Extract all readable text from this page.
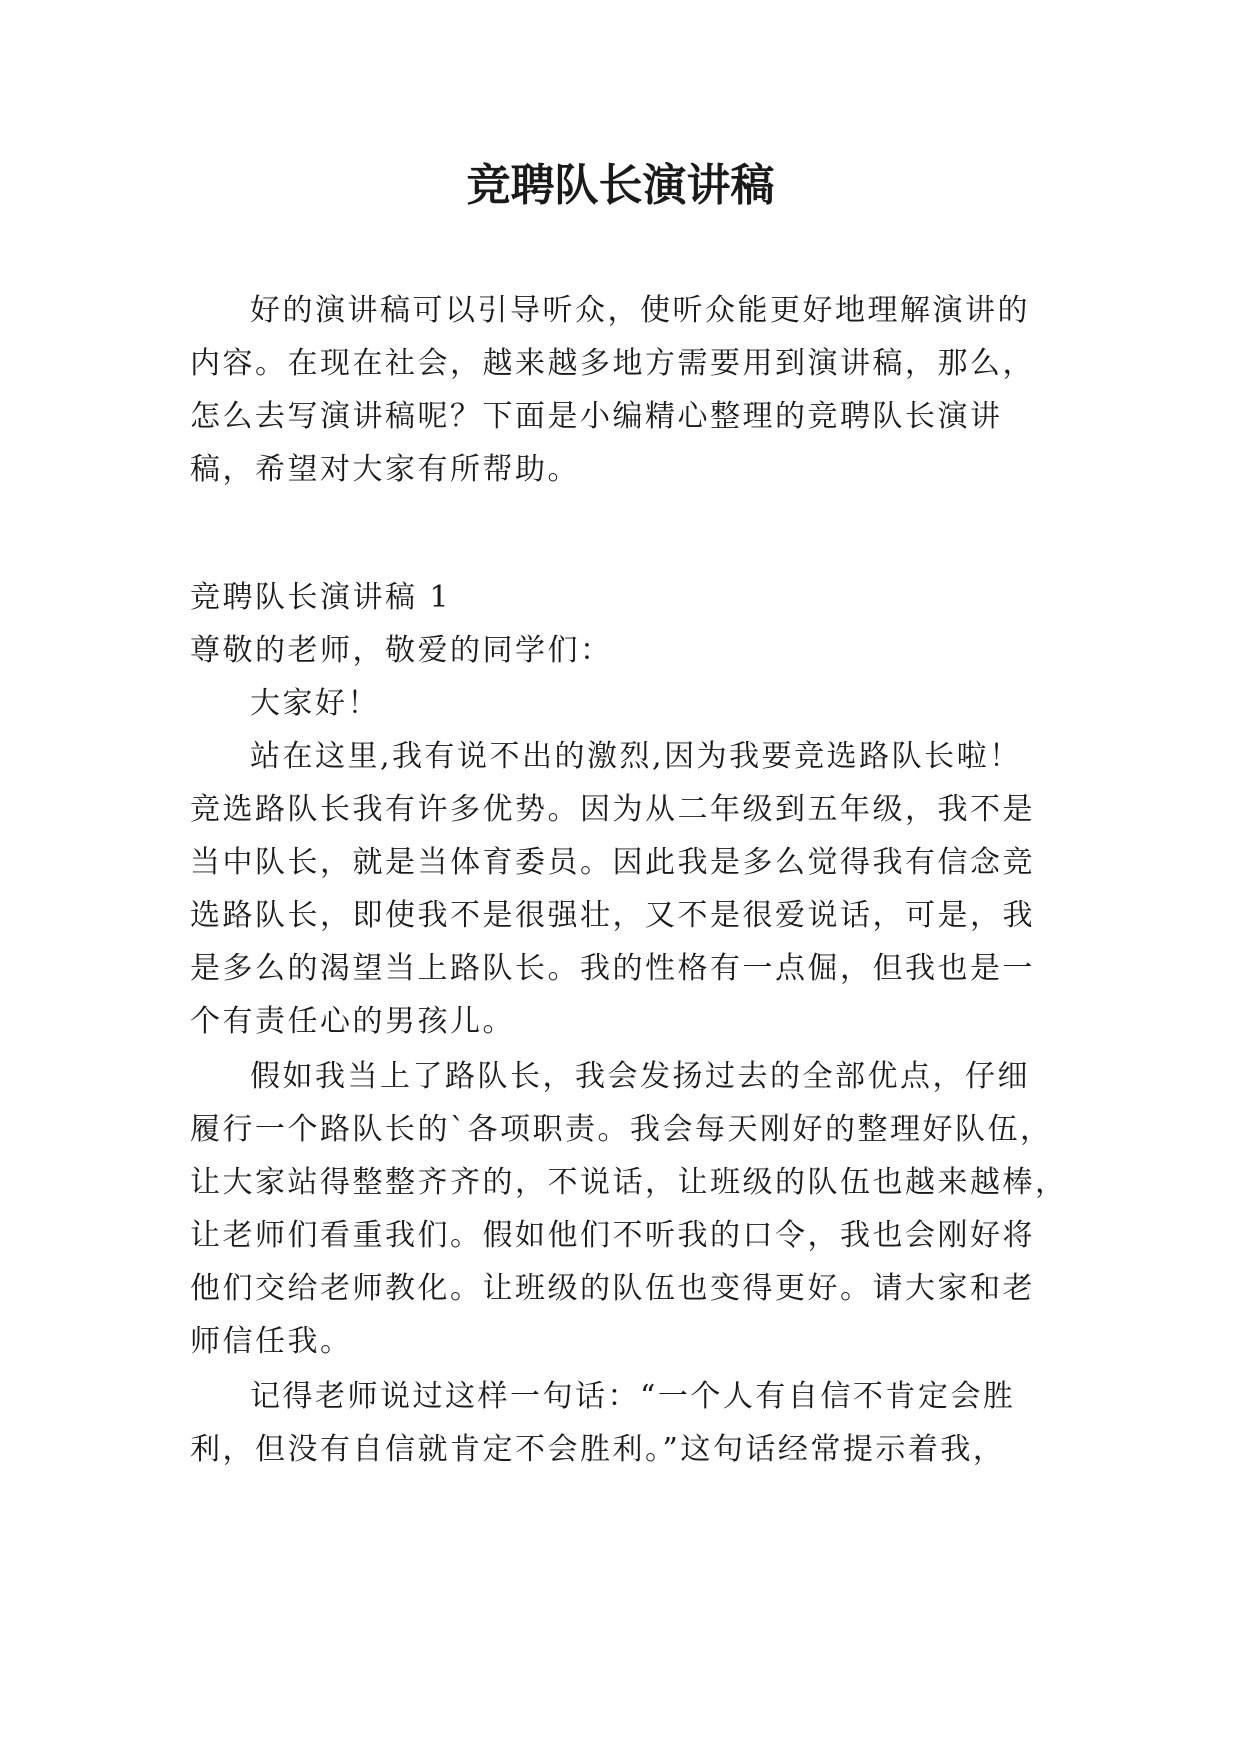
竞聘队长演讲稿

好的演讲稿可以引导听众，使听众能更好地理解演讲的

内容。在现在社会，越来越多地方需要用到演讲稿，那么，

怎么去写演讲稿呢？下面是小编精心整理的竞聘队长演讲

稿，希望对大家有所帮助。

竞聘队长演讲稿 1

尊敬的老师，敬爱的同学们：

大家好！

站在这里,我有说不出的激烈,因为我要竞选路队长啦！

竞选路队长我有许多优势。因为从二年级到五年级，我不是

当中队长，就是当体育委员。因此我是多么觉得我有信念竞

选路队长，即使我不是很强壮，又不是很爱说话，可是，我

是多么的渴望当上路队长。我的性格有一点倔，但我也是一

个有责任心的男孩儿。

假如我当上了路队长，我会发扬过去的全部优点，仔细

履行一个路队长的`各项职责。我会每天刚好的整理好队伍，

让大家站得整整齐齐的，不说话，让班级的队伍也越来越棒，

让老师们看重我们。假如他们不听我的口令，我也会刚好将

他们交给老师教化。让班级的队伍也变得更好。请大家和老

师信任我。

记得老师说过这样一句话：“一个人有自信不肯定会胜

利，但没有自信就肯定不会胜利。”这句话经常提示着我，
